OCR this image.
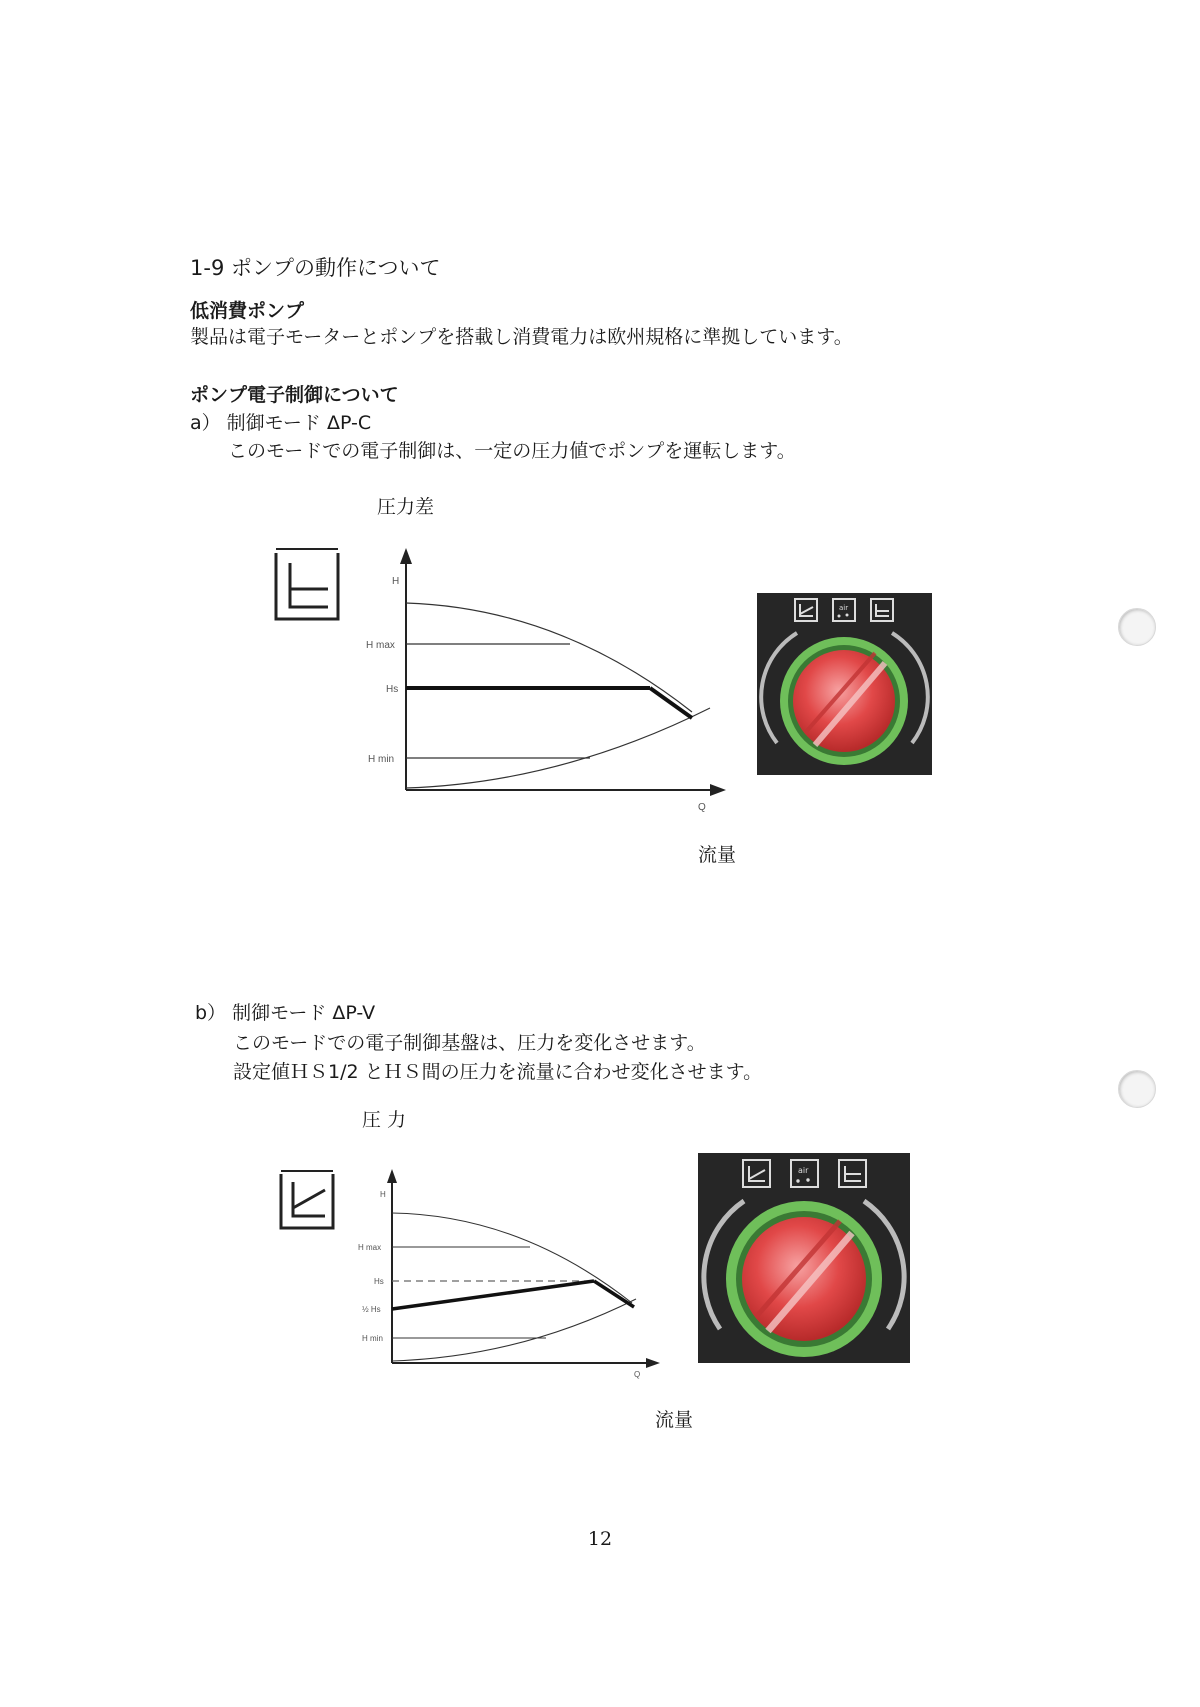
1-9 ポンプの動作について
低消費ポンプ
製品は電子モーターとポンプを搭載し消費電力は欧州規格に準拠しています。
ポンプ電子制御について
a） 制御モード ΔP-C
このモードでの電子制御は、一定の圧力値でポンプを運転します。
圧力差
流量
H
H max
Hs
H min
Q
air
b） 制御モード ΔP-V
このモードでの電子制御基盤は、圧力を変化させます。
設定値ＨＳ1/2 とＨＳ間の圧力を流量に合わせ変化させます。
圧 力
流量
H
H max
Hs
½ Hs
H min
Q
air
12
